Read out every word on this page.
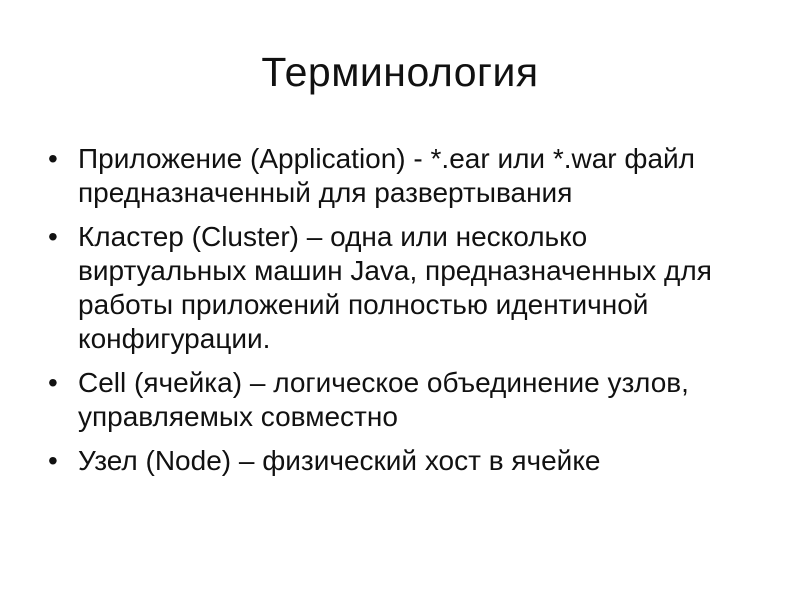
Терминология
• Приложение (Application) - *.ear или *.war файл предназначенный для развертывания
• Кластер (Cluster) – одна или несколько виртуальных машин Java, предназначенных для работы приложений полностью идентичной конфигурации.
• Cell (ячейка) – логическое объединение узлов, управляемых совместно
• Узел (Node) – физический хост в ячейке
